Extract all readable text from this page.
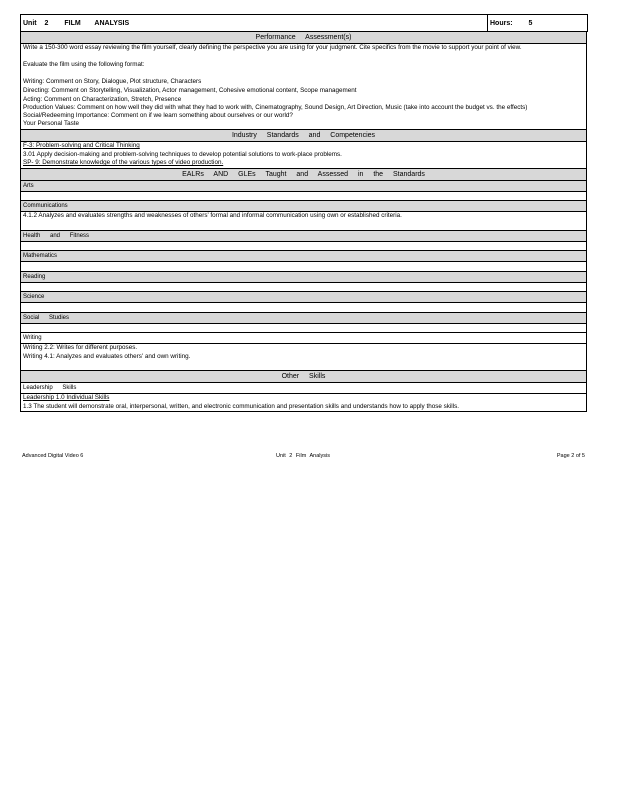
Unit 2 FILM ANALYSIS	Hours: 5
Performance Assessment(s)

Write a 150-300 word essay reviewing the film yourself, clearly defining the perspective you are using for your judgment. Cite specifics from the movie to support your point of view.
Evaluate the film using the following format:
Writing: Comment on Story, Dialogue, Plot structure, Characters
Directing: Comment on Storytelling, Visualization, Actor management, Cohesive emotional content, Scope management
Acting: Comment on Characterization, Stretch, Presence
Production Values: Comment on how well they did with what they had to work with, Cinematography, Sound Design, Art Direction, Music (take into account the budget vs. the effects)
Social/Redeeming Importance: Comment on if we learn something about ourselves or our world?
Your Personal Taste

Industry Standards and Competencies

F-3: Problem-solving and Critical Thinking
3.01 Apply decision-making and problem-solving techniques to develop potential solutions to work-place problems.
SP- 9: Demonstrate knowledge of the various types of video production.

EALRs AND GLEs Taught and Assessed in the Standards
Arts

Communications

4.1.2 Analyzes and evaluates strengths and weaknesses of others' formal and informal communication using own or established criteria.

Health and Fitness

Mathematics

Reading

Science

Social Studies

Writing

Writing 2.2: Writes for different purposes.
Writing 4.1: Analyzes and evaluates others' and own writing.

Other Skills
Leadership Skills

Leadership 1.0 Individual Skills
1.3 The student will demonstrate oral, interpersonal, written, and electronic communication and presentation skills and understands how to apply those skills.
Advanced Digital Video 6	Unit 2 Film Analysis	Page 2 of 5
